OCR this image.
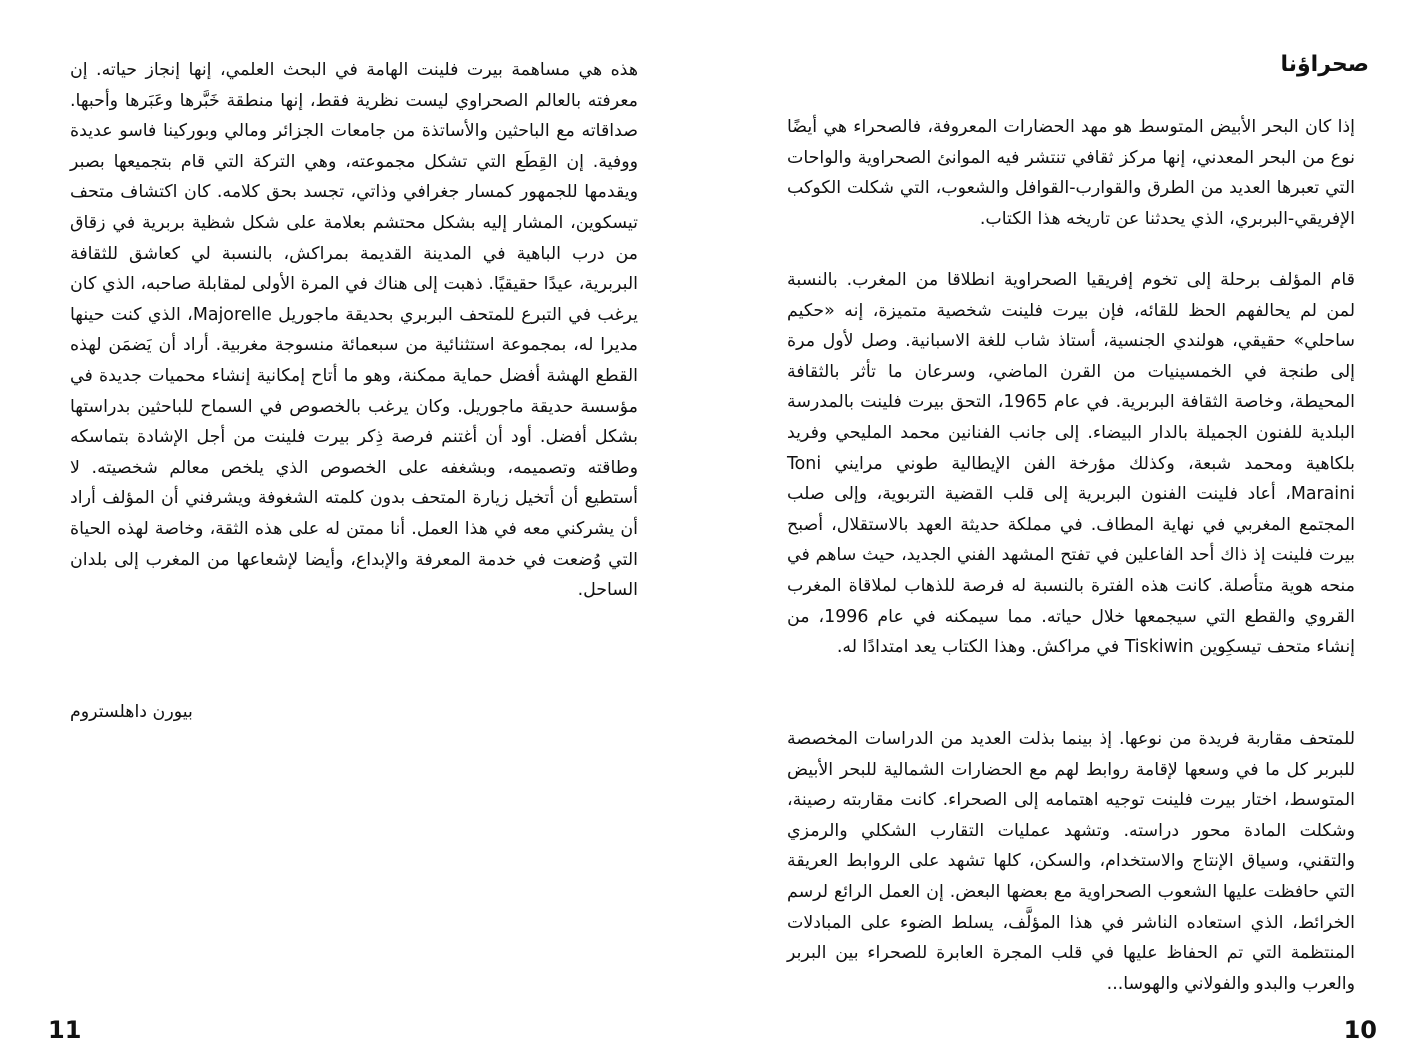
هذه هي مساهمة بيرت فلينت الهامة في البحث العلمي، إنها إنجاز حياته. إن معرفته بالعالم الصحراوي ليست نظرية فقط، إنها منطقة خَبَّرها وعَبَرها وأحبها. صداقاته مع الباحثين والأساتذة من جامعات الجزائر ومالي وبوركينا فاسو عديدة ووفية. إن القِطَع التي تشكل مجموعته، وهي التركة التي قام بتجميعها بصبر ويقدمها للجمهور كمسار جغرافي وذاتي، تجسد بحق كلامه. كان اكتشاف متحف تيسكوين، المشار إليه بشكل محتشم بعلامة على شكل شظية بربرية في زقاق من درب الباهية في المدينة القديمة بمراكش، بالنسبة لي كعاشق للثقافة البربرية، عيدًا حقيقيًا. ذهبت إلى هناك في المرة الأولى لمقابلة صاحبه، الذي كان يرغب في التبرع للمتحف البربري بحديقة ماجوريل Majorelle، الذي كنت حينها مديرا له، بمجموعة استثنائية من سبعمائة منسوجة مغربية. أراد أن يَضمَن لهذه القطع الهشة أفضل حماية ممكنة، وهو ما أتاح إمكانية إنشاء محميات جديدة في مؤسسة حديقة ماجوريل. وكان يرغب بالخصوص في السماح للباحثين بدراستها بشكل أفضل. أود أن أغتنم فرصة ذِكر بيرت فلينت من أجل الإشادة بتماسكه وطاقته وتصميمه، وبشغفه على الخصوص الذي يلخص معالم شخصيته. لا أستطيع أن أتخيل زيارة المتحف بدون كلمته الشغوفة ويشرفني أن المؤلف أراد أن يشركني معه في هذا العمل. أنا ممتن له على هذه الثقة، وخاصة لهذه الحياة التي وُضعت في خدمة المعرفة والإبداع، وأيضا لإشعاعها من المغرب إلى بلدان الساحل.
بيورن داهلستروم
11
صحراؤنا
إذا كان البحر الأبيض المتوسط هو مهد الحضارات المعروفة، فالصحراء هي أيضًا نوع من البحر المعدني، إنها مركز ثقافي تنتشر فيه الموانئ الصحراوية والواحات التي تعبرها العديد من الطرق والقوارب-القوافل والشعوب، التي شكلت الكوكب الإفريقي-البربري، الذي يحدثنا عن تاريخه هذا الكتاب.
قام المؤلف برحلة إلى تخوم إفريقيا الصحراوية انطلاقا من المغرب. بالنسبة لمن لم يحالفهم الحظ للقائه، فإن بيرت فلينت شخصية متميزة، إنه «حكيم ساحلي» حقيقي، هولندي الجنسية، أستاذ شاب للغة الاسبانية. وصل لأول مرة إلى طنجة في الخمسينيات من القرن الماضي، وسرعان ما تأثر بالثقافة المحيطة، وخاصة الثقافة البربرية. في عام 1965، التحق بيرت فلينت بالمدرسة البلدية للفنون الجميلة بالدار البيضاء. إلى جانب الفنانين محمد المليحي وفريد بلكاهية ومحمد شبعة، وكذلك مؤرخة الفن الإيطالية طوني مرايني Toni Maraini، أعاد فلينت الفنون البربرية إلى قلب القضية التربوية، وإلى صلب المجتمع المغربي في نهاية المطاف. في مملكة حديثة العهد بالاستقلال، أصبح بيرت فلينت إذ ذاك أحد الفاعلين في تفتح المشهد الفني الجديد، حيث ساهم في منحه هوية متأصلة. كانت هذه الفترة بالنسبة له فرصة للذهاب لملاقاة المغرب القروي والقطع التي سيجمعها خلال حياته. مما سيمكنه في عام 1996، من إنشاء متحف تيسكِوين Tiskiwin في مراكش. وهذا الكتاب يعد امتدادًا له.
للمتحف مقاربة فريدة من نوعها. إذ بينما بذلت العديد من الدراسات المخصصة للبربر كل ما في وسعها لإقامة روابط لهم مع الحضارات الشمالية للبحر الأبيض المتوسط، اختار بيرت فلينت توجيه اهتمامه إلى الصحراء. كانت مقاربته رصينة، وشكلت المادة محور دراسته. وتشهد عمليات التقارب الشكلي والرمزي والتقني، وسياق الإنتاج والاستخدام، والسكن، كلها تشهد على الروابط العريقة التي حافظت عليها الشعوب الصحراوية مع بعضها البعض. إن العمل الرائع لرسم الخرائط، الذي استعاده الناشر في هذا المؤلَّف، يسلط الضوء على المبادلات المنتظمة التي تم الحفاظ عليها في قلب المجرة العابرة للصحراء بين البربر والعرب والبدو والفولاني والهوسا...
10
